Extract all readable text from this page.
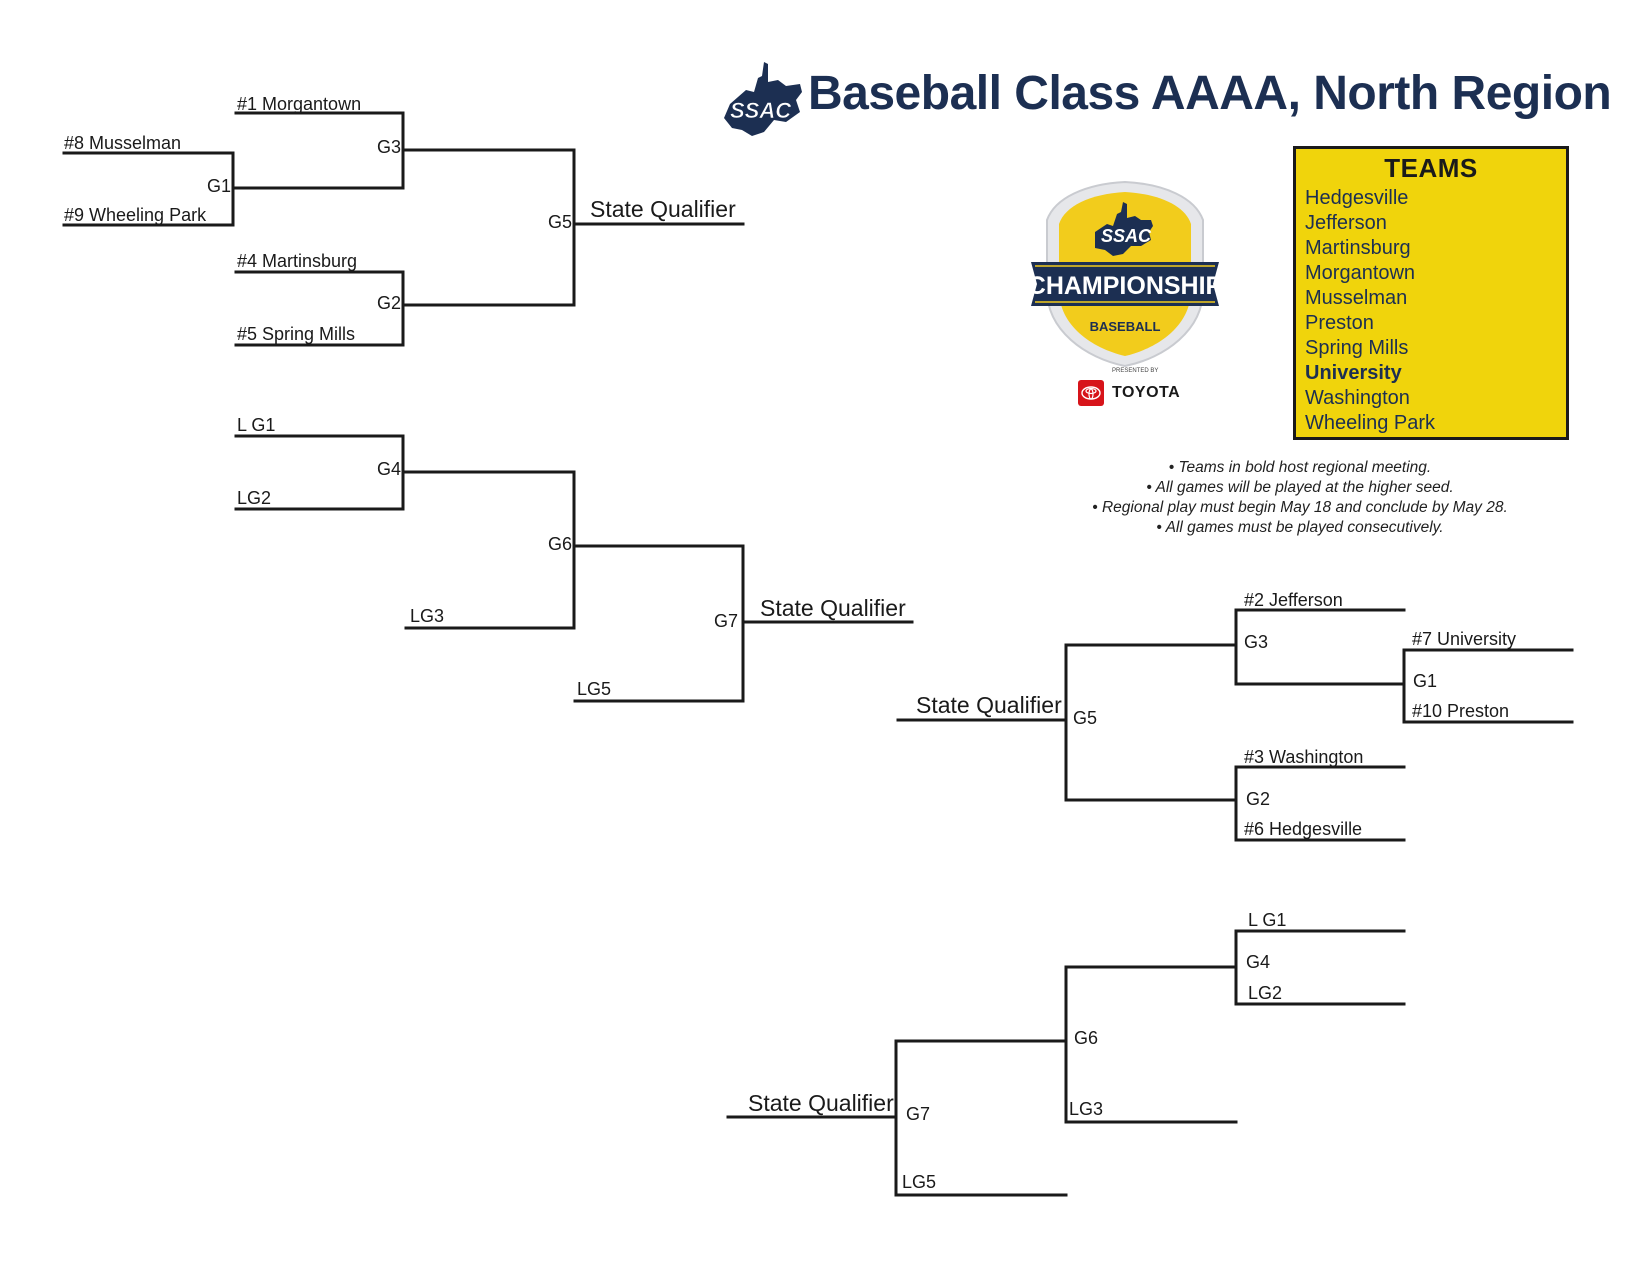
#1 Morgantown
#8 Musselman
#9 Wheeling Park
G1
G3
#4 Martinsburg
#5 Spring Mills
G2
G5 State Qualifier
L G1
LG2
G4
G6
LG3	G7
LG5
State Qualifier	#2 Jefferson
G3	#7 University
G1
#10 Preston
#3 Washington
G2
#6 Hedgesville
G5
State Qualifier
L G1
G4
LG2
G6
LG3
G7
LG5
State Qualifier
SSAC Baseball Class AAAA, North Region
SSAC
CHAMPIONSHIP
BASEBALL
PRESENTED BY
TOYOTA
TEAMS
Hedgesville
Jefferson
Martinsburg
Morgantown
Musselman
Preston
Spring Mills
University
Washington
Wheeling Park
• Teams in bold host regional meeting.
• All games will be played at the higher seed.
• Regional play must begin May 18 and conclude by May 28.
• All games must be played consecutively.
